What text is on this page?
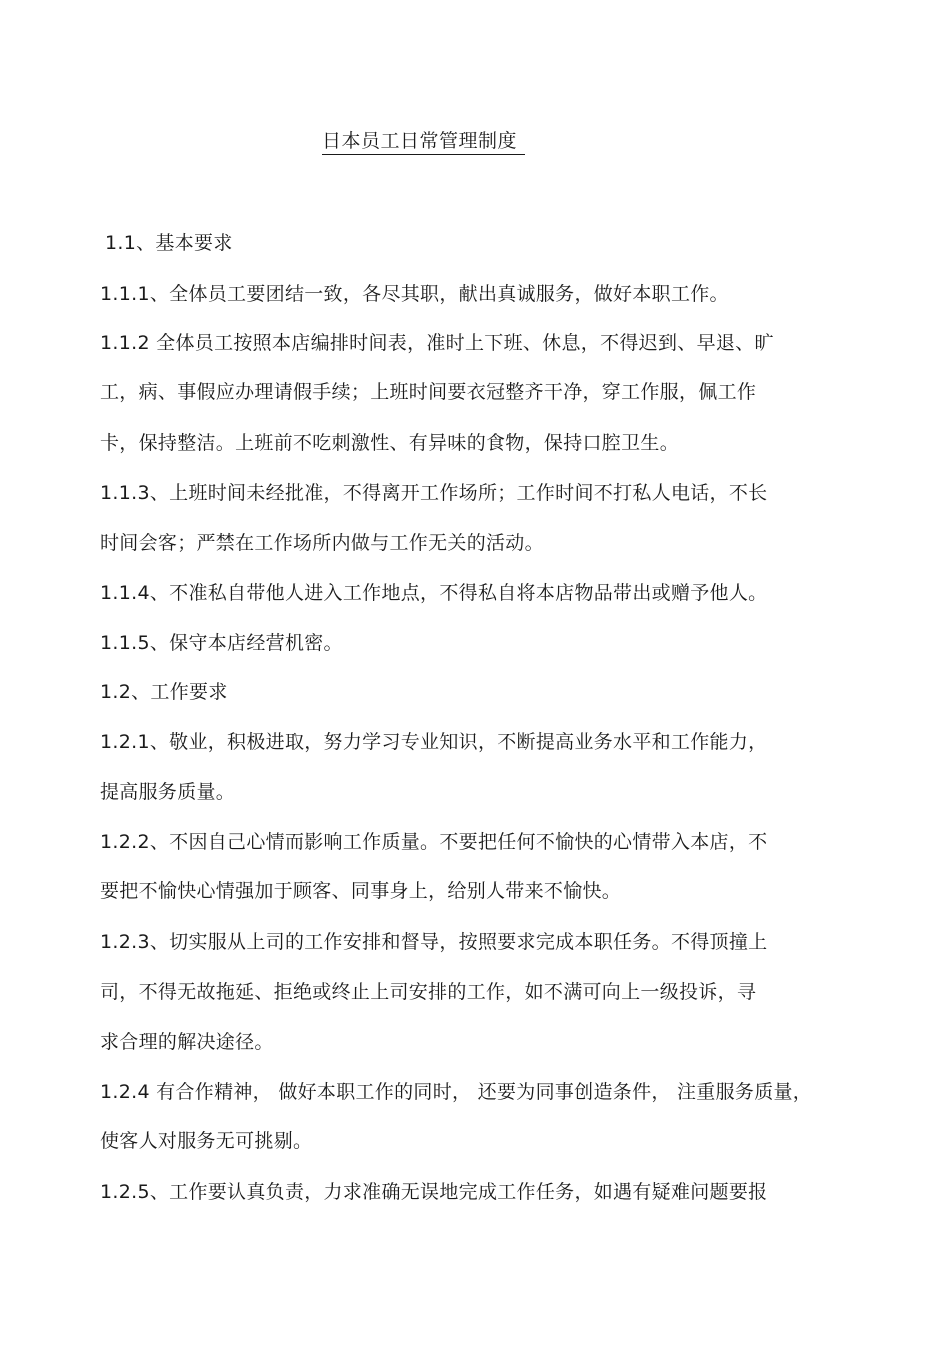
日本员工日常管理制度
1.1、基本要求
1.1.1、全体员工要团结一致，各尽其职，献出真诚服务，做好本职工作。
1.1.2 全体员工按照本店编排时间表，准时上下班、休息，不得迟到、早退、旷
工，病、事假应办理请假手续；上班时间要衣冠整齐干净，穿工作服，佩工作
卡，保持整洁。上班前不吃刺激性、有异味的食物，保持口腔卫生。
1.1.3、上班时间未经批准，不得离开工作场所；工作时间不打私人电话，不长
时间会客；严禁在工作场所内做与工作无关的活动。
1.1.4、不准私自带他人进入工作地点，不得私自将本店物品带出或赠予他人。
1.1.5、保守本店经营机密。
1.2、工作要求
1.2.1、敬业，积极进取，努力学习专业知识，不断提高业务水平和工作能力，
提高服务质量。
1.2.2、不因自己心情而影响工作质量。不要把任何不愉快的心情带入本店，不
要把不愉快心情强加于顾客、同事身上，给别人带来不愉快。
1.2.3、切实服从上司的工作安排和督导，按照要求完成本职任务。不得顶撞上
司，不得无故拖延、拒绝或终止上司安排的工作，如不满可向上一级投诉，寻
求合理的解决途径。
1.2.4 有合作精神， 做好本职工作的同时， 还要为同事创造条件， 注重服务质量，
使客人对服务无可挑剔。
1.2.5、工作要认真负责，力求准确无误地完成工作任务，如遇有疑难问题要报
